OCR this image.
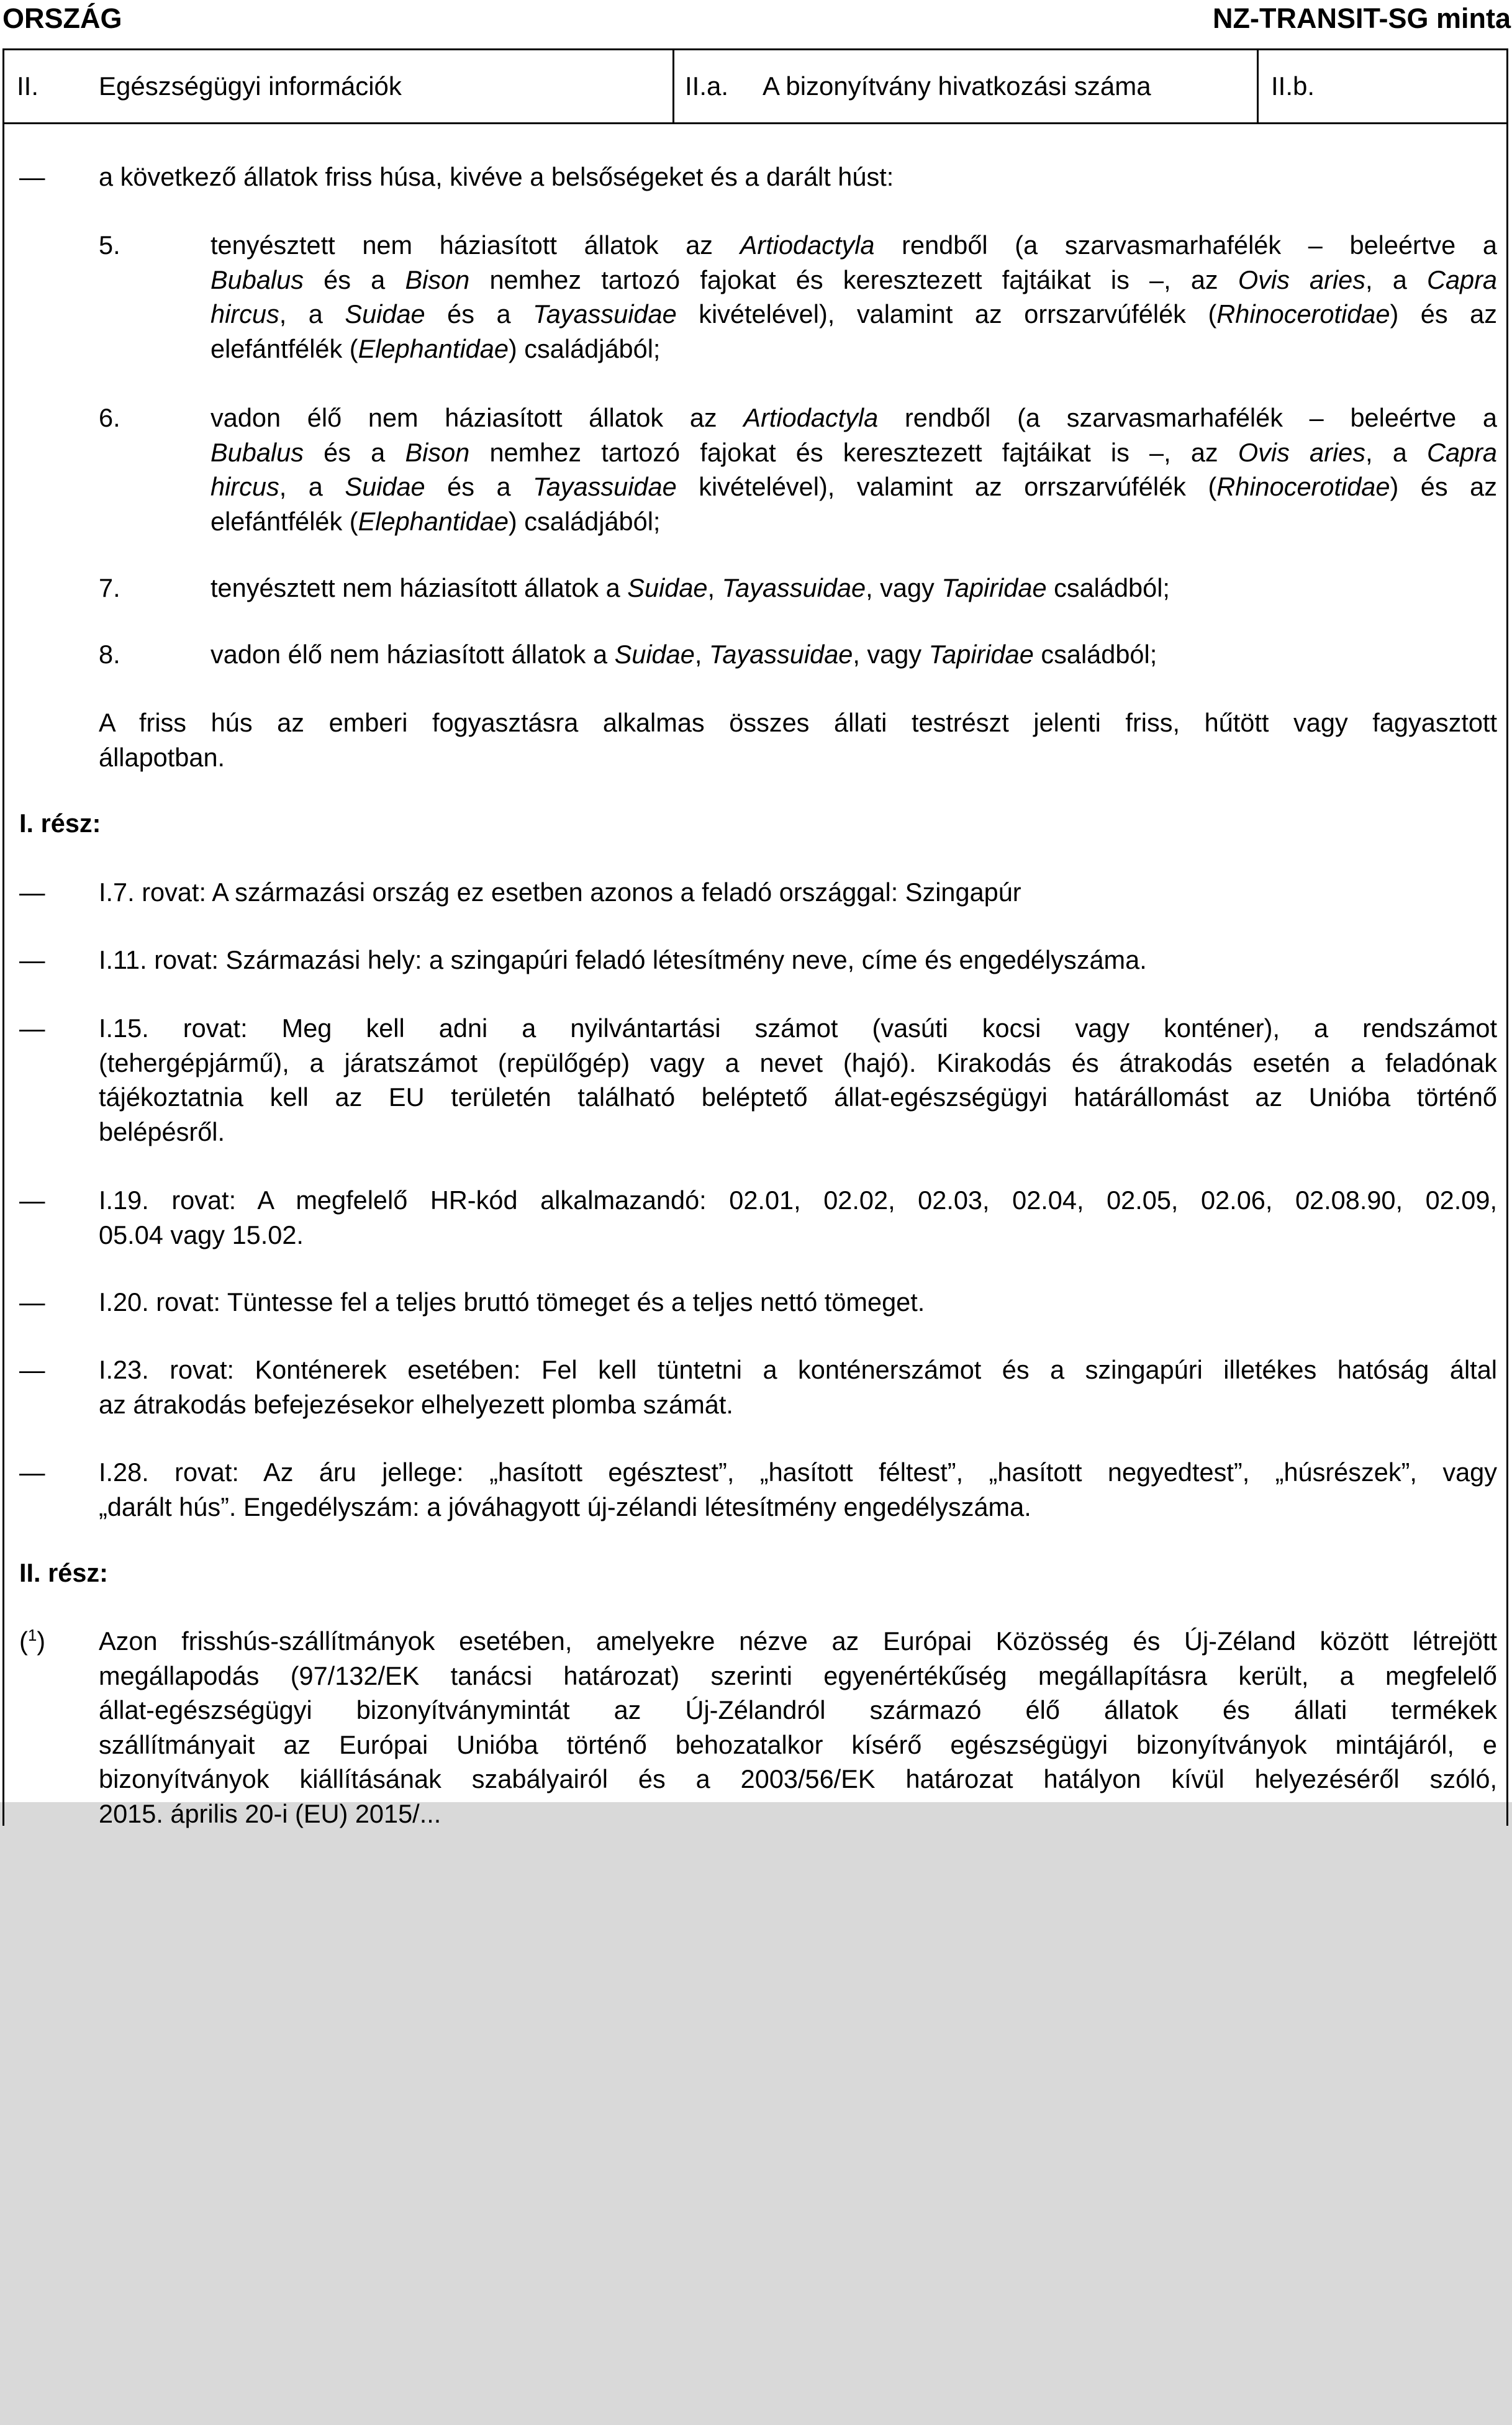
ORSZÁG	NZ-TRANSIT-SG minta
II. Egészségügyi információk	II.a. A bizonyítvány hivatkozási száma	II.b.
— a következő állatok friss húsa, kivéve a belsőségeket és a darált húst:

5.	tenyésztett nem háziasított állatok az Artiodactyla rendből (a szarvasmarhafélék – beleértve a

Bubalus és a Bison nemhez tartozó fajokat és keresztezett fajtáikat is –, az Ovis aries, a Capra

hircus, a Suidae és a Tayassuidae kivételével), valamint az orrszarvúfélék (Rhinocerotidae) és az

elefántfélék (Elephantidae) családjából;

6.	vadon élő nem háziasított állatok az Artiodactyla rendből (a szarvasmarhafélék – beleértve a

Bubalus és a Bison nemhez tartozó fajokat és keresztezett fajtáikat is –, az Ovis aries, a Capra

hircus, a Suidae és a Tayassuidae kivételével), valamint az orrszarvúfélék (Rhinocerotidae) és az

elefántfélék (Elephantidae) családjából;

7.	tenyésztett nem háziasított állatok a Suidae, Tayassuidae, vagy Tapiridae családból;

8.	vadon élő nem háziasított állatok a Suidae, Tayassuidae, vagy Tapiridae családból;

A friss hús az emberi fogyasztásra alkalmas összes állati testrészt jelenti friss, hűtött vagy fagyasztott

állapotban.

I. rész:
— I.7. rovat: A származási ország ez esetben azonos a feladó országgal: Szingapúr

— I.11. rovat: Származási hely: a szingapúri feladó létesítmény neve, címe és engedélyszáma.

— I.15. rovat: Meg kell adni a nyilvántartási számot (vasúti kocsi vagy konténer), a rendszámot

(tehergépjármű), a járatszámot (repülőgép) vagy a nevet (hajó). Kirakodás és átrakodás esetén a feladónak

tájékoztatnia kell az EU területén található beléptető állat-egészségügyi határállomást az Unióba történő

belépésről.

— I.19. rovat: A megfelelő HR-kód alkalmazandó: 02.01, 02.02, 02.03, 02.04, 02.05, 02.06, 02.08.90, 02.09,

05.04 vagy 15.02.

— I.20. rovat: Tüntesse fel a teljes bruttó tömeget és a teljes nettó tömeget.

— I.23. rovat: Konténerek esetében: Fel kell tüntetni a konténerszámot és a szingapúri illetékes hatóság által

az átrakodás befejezésekor elhelyezett plomba számát.

— I.28. rovat: Az áru jellege: „hasított egésztest”, „hasított féltest”, „hasított negyedtest”, „húsrészek”, vagy

„darált hús”. Engedélyszám: a jóváhagyott új-zélandi létesítmény engedélyszáma.

II. rész:
($^1$) Azon frisshús-szállítmányok esetében, amelyekre nézve az Európai Közösség és Új-Zéland között létrejött

megállapodás (97/132/EK tanácsi határozat) szerinti egyenértékűség megállapításra került, a megfelelő

állat-egészségügyi bizonyítványmintát az Új-Zélandról származó élő állatok és állati termékek

szállítmányait az Európai Unióba történő behozatalkor kísérő egészségügyi bizonyítványok mintájáról, e

bizonyítványok kiállításának szabályairól és a 2003/56/EK határozat hatályon kívül helyezéséről szóló,

2015. április 20-i (EU) 2015/...
